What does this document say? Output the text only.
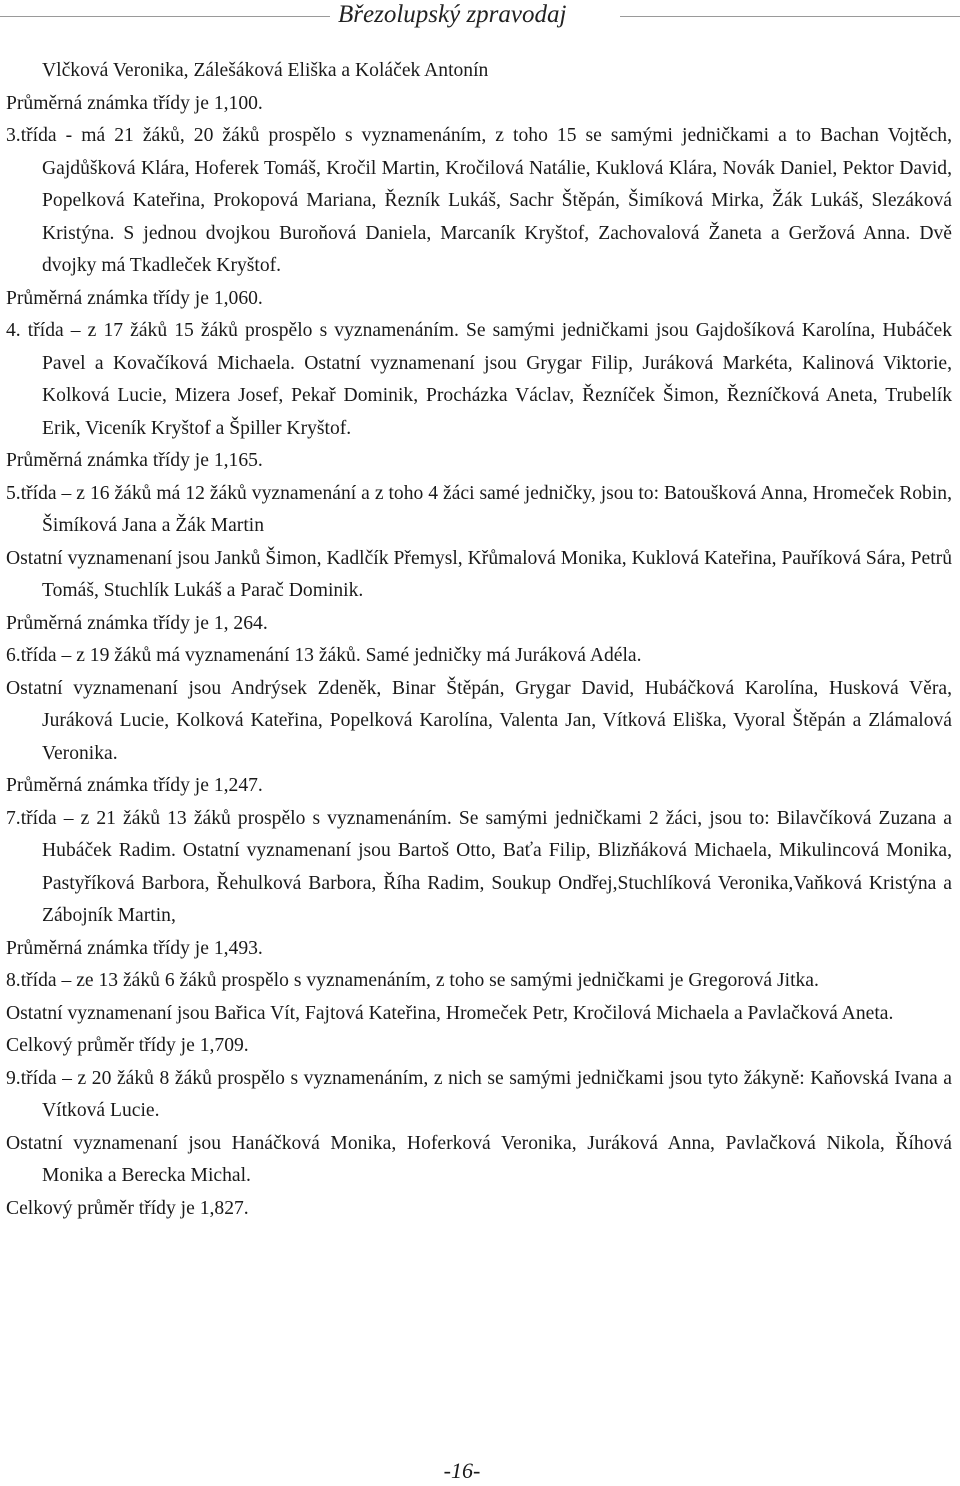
Březolupský zpravodaj

Vlčková Veronika, Zálešáková Eliška a Koláček Antonín

Průměrná známka třídy je 1,100.

3.třída - má 21 žáků, 20 žáků prospělo s vyznamenáním, z toho 15 se samými jedničkami a to Bachan Vojtěch, Gajdůšková Klára, Hoferek Tomáš, Kročil Martin, Kročilová Natálie, Kuklová Klára, Novák Daniel, Pektor David, Popelková Kateřina, Prokopová Mariana, Řezník Lukáš, Sachr Štěpán, Šimíková Mirka, Žák Lukáš, Slezáková Kristýna. S jednou dvojkou Buroňová Daniela, Marcaník Kryštof, Zachovalová Žaneta a Geržová Anna. Dvě dvojky má Tkadleček Kryštof.

Průměrná známka třídy je 1,060.

4. třída – z 17 žáků 15 žáků prospělo s vyznamenáním. Se samými jedničkami jsou Gajdošíková Karolína, Hubáček Pavel a Kovačíková Michaela. Ostatní vyznamenaní jsou Grygar Filip, Juráková Markéta, Kalinová Viktorie, Kolková Lucie, Mizera Josef, Pekař Dominik, Procházka Václav, Řezníček Šimon, Řezníčková Aneta, Trubelík Erik, Viceník Kryštof a Špiller Kryštof.

Průměrná známka třídy je 1,165.

5.třída – z 16 žáků má 12 žáků vyznamenání a z toho 4 žáci samé jedničky, jsou to: Batoušková Anna, Hromeček Robin, Šimíková Jana a Žák Martin

Ostatní vyznamenaní jsou Janků Šimon, Kadlčík Přemysl, Křůmalová Monika, Kuklová Kateřina, Pauříková Sára, Petrů Tomáš, Stuchlík Lukáš a Parač Dominik.

Průměrná známka třídy je 1, 264.

6.třída – z 19 žáků má vyznamenání 13 žáků. Samé jedničky má Juráková Adéla.

Ostatní vyznamenaní jsou Andrýsek Zdeněk, Binar Štěpán, Grygar David, Hubáčková Karolína, Husková Věra, Juráková Lucie, Kolková Kateřina, Popelková Karolína, Valenta Jan, Vítková Eliška, Vyoral Štěpán a Zlámalová Veronika.

Průměrná známka třídy je 1,247.

7.třída – z 21 žáků 13 žáků prospělo s vyznamenáním. Se samými jedničkami 2 žáci, jsou to: Bilavčíková Zuzana a Hubáček Radim. Ostatní vyznamenaní jsou Bartoš Otto, Baťa Filip, Blizňáková Michaela, Mikulincová Monika, Pastyříková Barbora, Řehulková Barbora, Říha Radim, Soukup Ondřej,Stuchlíková Veronika,Vaňková Kristýna a Zábojník Martin,

Průměrná známka třídy je 1,493.

8.třída – ze 13 žáků 6 žáků prospělo s vyznamenáním, z toho se samými jedničkami je Gregorová Jitka.

Ostatní vyznamenaní jsou Bařica Vít, Fajtová Kateřina, Hromeček Petr, Kročilová Michaela a Pavlačková Aneta.

Celkový průměr třídy je 1,709.

9.třída – z 20 žáků 8 žáků prospělo s vyznamenáním, z nich se samými jedničkami jsou tyto žákyně: Kaňovská Ivana a Vítková Lucie.

Ostatní vyznamenaní jsou Hanáčková Monika, Hoferková Veronika, Juráková Anna, Pavlačková Nikola, Říhová Monika a Berecka Michal.

Celkový průměr třídy je 1,827.

-16-
